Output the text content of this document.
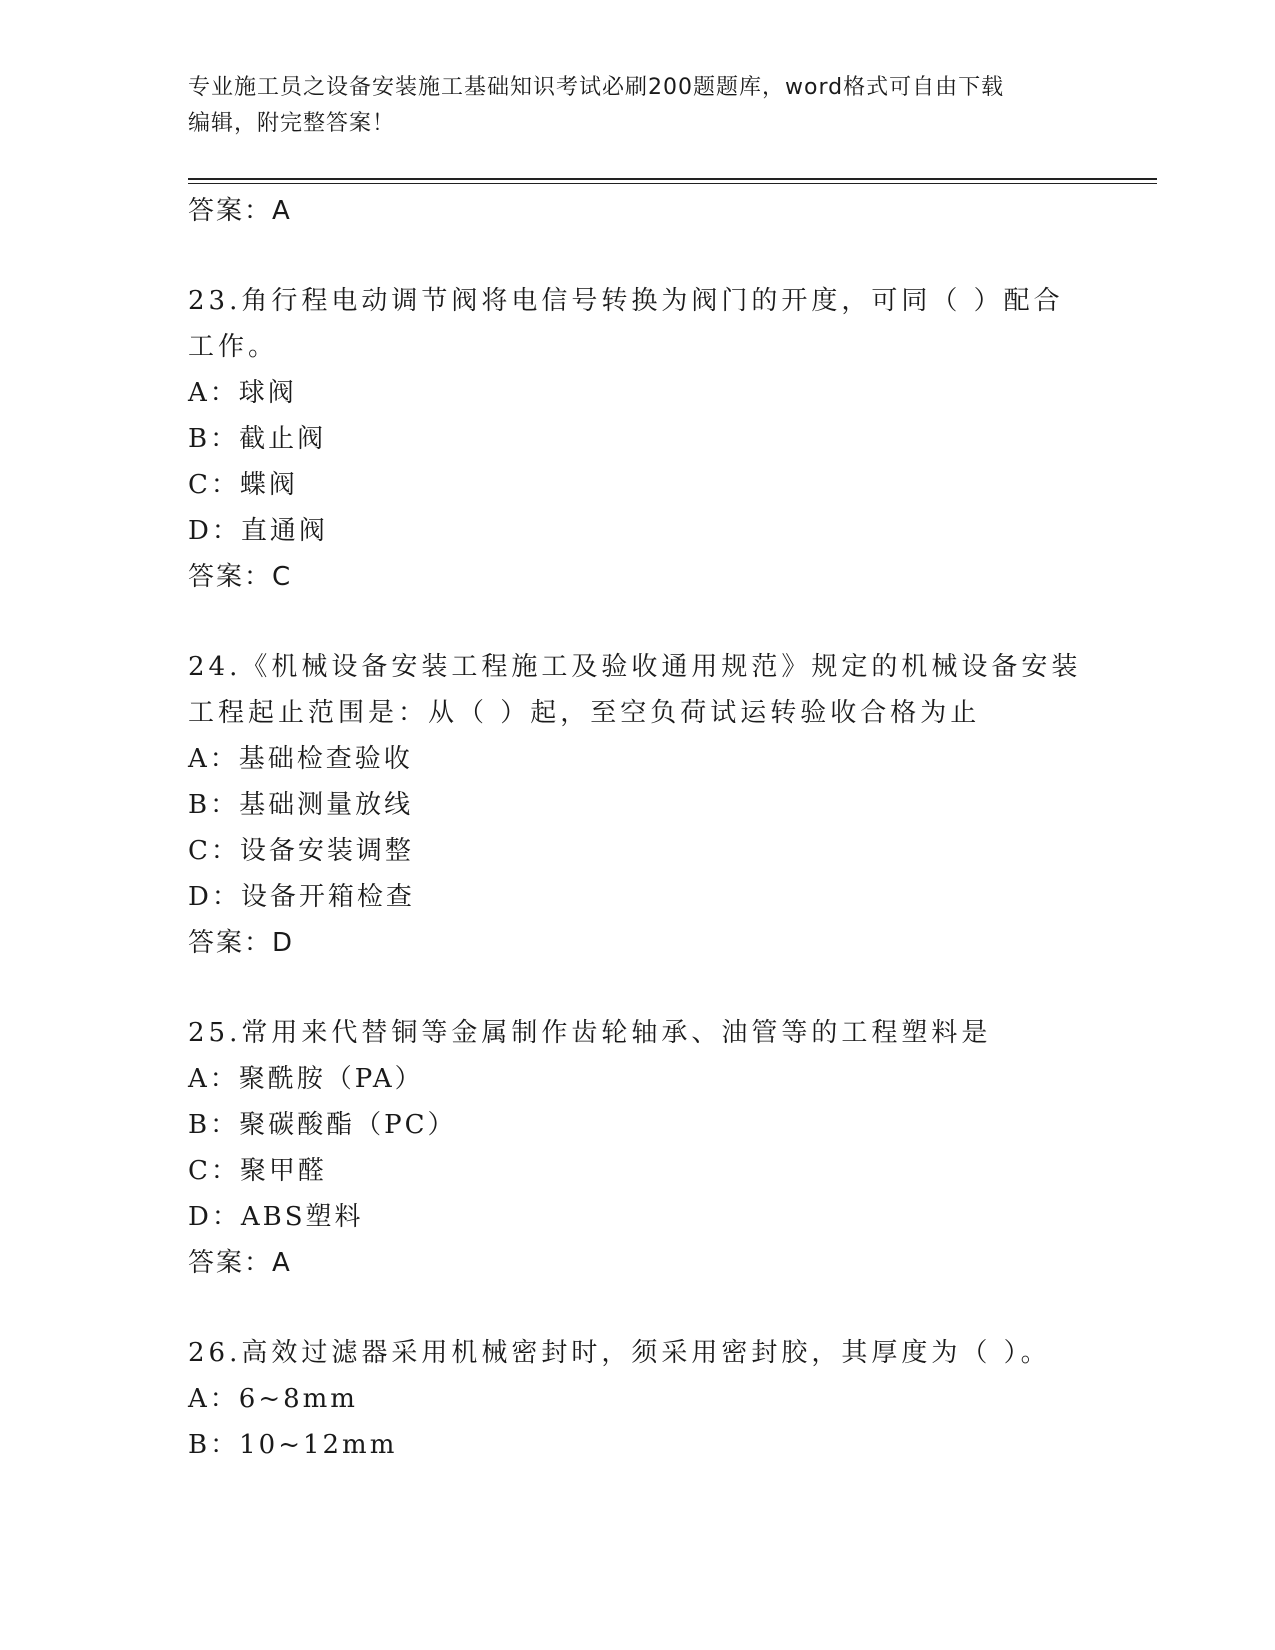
专业施工员之设备安装施工基础知识考试必刷200题题库，word格式可自由下载
编辑，附完整答案！

答案：A

23.角行程电动调节阀将电信号转换为阀门的开度，可同（ ）配合工作。

A：球阀

B：截止阀

C：蝶阀

D：直通阀

答案：C

24.《机械设备安装工程施工及验收通用规范》规定的机械设备安装工程起止范围是：从（ ）起，至空负荷试运转验收合格为止

A：基础检查验收

B：基础测量放线

C：设备安装调整

D：设备开箱检查

答案：D

25.常用来代替铜等金属制作齿轮轴承、油管等的工程塑料是

A：聚酰胺（PA）

B：聚碳酸酯（PC）

C：聚甲醛

D：ABS塑料

答案：A

26.高效过滤器采用机械密封时，须采用密封胶，其厚度为（ ）。

A：6~8mm

B：10~12mm
